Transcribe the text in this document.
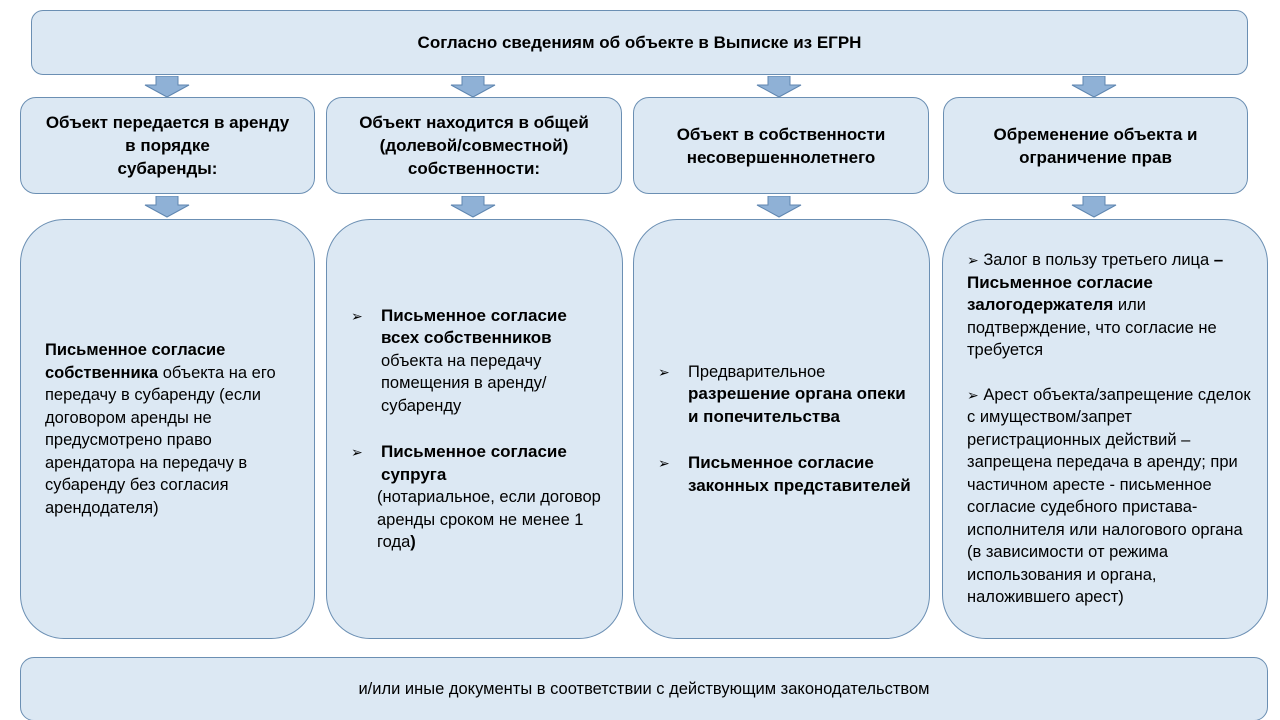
Согласно сведениям об объекте в Выписке из ЕГРН
Объект передается в аренду
в порядке
субаренды:
Объект находится в общей
(долевой/совместной)
собственности:
Объект в собственности
несовершеннолетнего
Обременение объекта и
ограничение прав

Письменное согласие собственника объекта на его передачу в субаренду (если договором аренды не предусмотрено право арендатора на передачу в субаренду без согласия арендодателя)

➢ Письменное согласие всех собственников объекта на передачу помещения в аренду/субаренду
➢ Письменное согласие супруга
(нотариальное, если договор аренды сроком не менее 1 года)
➢ Предварительное разрешение органа опеки и попечительства
➢ Письменное согласие законных представителей

➢ Залог в пользу третьего лица – Письменное согласие залогодержателя или подтверждение, что согласие не требуется

➢ Арест объекта/запрещение сделок с имуществом/запрет регистрационных действий – запрещена передача в аренду; при частичном аресте - письменное согласие судебного пристава-исполнителя или налогового органа (в зависимости от режима использования и органа, наложившего арест)

и/или иные документы в соответствии с действующим законодательством
